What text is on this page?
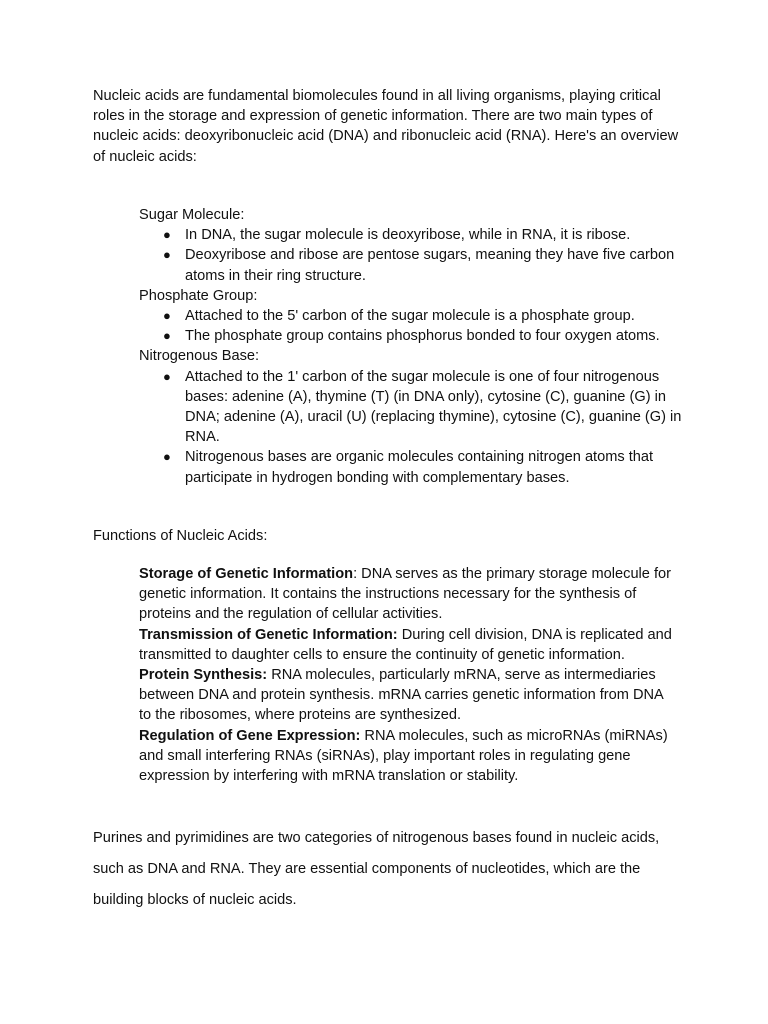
Nucleic acids are fundamental biomolecules found in all living organisms, playing critical roles in the storage and expression of genetic information. There are two main types of nucleic acids: deoxyribonucleic acid (DNA) and ribonucleic acid (RNA). Here's an overview of nucleic acids:

Sugar Molecule:

● In DNA, the sugar molecule is deoxyribose, while in RNA, it is ribose.
● Deoxyribose and ribose are pentose sugars, meaning they have five carbon atoms in their ring structure.

Phosphate Group:

● Attached to the 5' carbon of the sugar molecule is a phosphate group.
● The phosphate group contains phosphorus bonded to four oxygen atoms.

Nitrogenous Base:

● Attached to the 1' carbon of the sugar molecule is one of four nitrogenous bases: adenine (A), thymine (T) (in DNA only), cytosine (C), guanine (G) in DNA; adenine (A), uracil (U) (replacing thymine), cytosine (C), guanine (G) in RNA.
● Nitrogenous bases are organic molecules containing nitrogen atoms that participate in hydrogen bonding with complementary bases.

Functions of Nucleic Acids:

Storage of Genetic Information: DNA serves as the primary storage molecule for genetic information. It contains the instructions necessary for the synthesis of proteins and the regulation of cellular activities.

Transmission of Genetic Information: During cell division, DNA is replicated and transmitted to daughter cells to ensure the continuity of genetic information.

Protein Synthesis: RNA molecules, particularly mRNA, serve as intermediaries between DNA and protein synthesis. mRNA carries genetic information from DNA to the ribosomes, where proteins are synthesized.

Regulation of Gene Expression: RNA molecules, such as microRNAs (miRNAs) and small interfering RNAs (siRNAs), play important roles in regulating gene expression by interfering with mRNA translation or stability.

Purines and pyrimidines are two categories of nitrogenous bases found in nucleic acids, such as DNA and RNA. They are essential components of nucleotides, which are the building blocks of nucleic acids.
